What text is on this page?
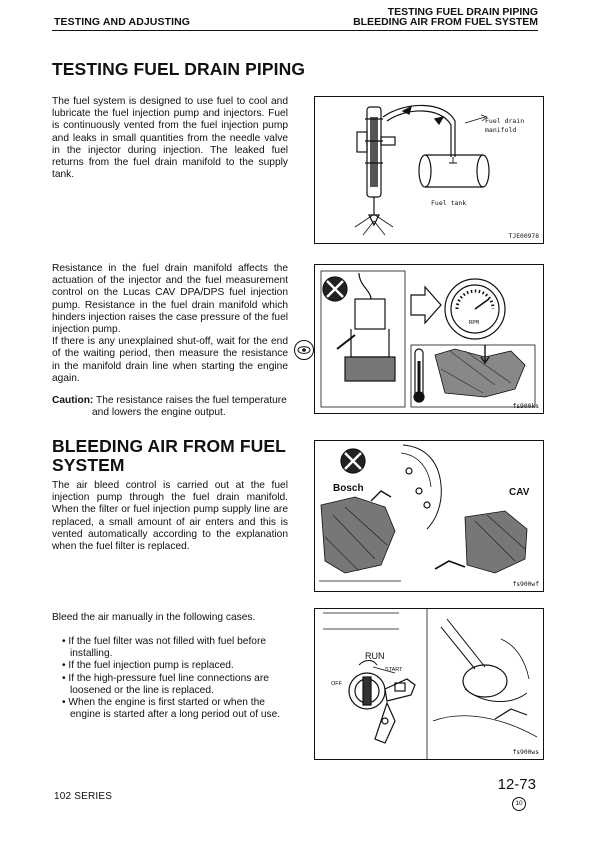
TESTING AND ADJUSTING
TESTING FUEL DRAIN PIPING
BLEEDING AIR FROM FUEL SYSTEM
TESTING FUEL DRAIN PIPING
The fuel system is designed to use fuel to cool and lubricate the fuel injection pump and injectors. Fuel is continuously vented from the fuel injection pump and leaks in small quantities from the needle valve in the injector during injection. The leaked fuel returns from the fuel drain manifold to the supply tank.
Resistance in the fuel drain manifold affects the actuation of the injector and the fuel measurement control on the Lucas CAV DPA/DPS fuel injection pump. Resistance in the fuel drain manifold which hinders injection raises the case pressure of the fuel injection pump.
If there is any unexplained shut-off, wait for the end of the waiting period, then measure the resistance in the manifold drain line when starting the engine again.
Caution: The resistance raises the fuel temperature
and lowers the engine output.
BLEEDING AIR FROM FUEL
SYSTEM
The air bleed control is carried out at the fuel injection pump through the fuel drain manifold. When the filter or fuel injection pump supply line are replaced, a small amount of air enters and this is vented automatically according to the explanation when the fuel filter is replaced.
Bleed the air manually in the following cases.
• If the fuel filter was not filled with fuel before installing.
• If the fuel injection pump is replaced.
• If the high-pressure fuel line connections are loosened or the line is replaced.
• When the engine is first started or when the engine is started after a long period out of use.
Fuel drain
manifold
Fuel tank
TJE00978
RPM
fs900ks
Bosch	CAV
fs900wf
RUN
START
OFF
fs900ws
102 SERIES
12-73
10
